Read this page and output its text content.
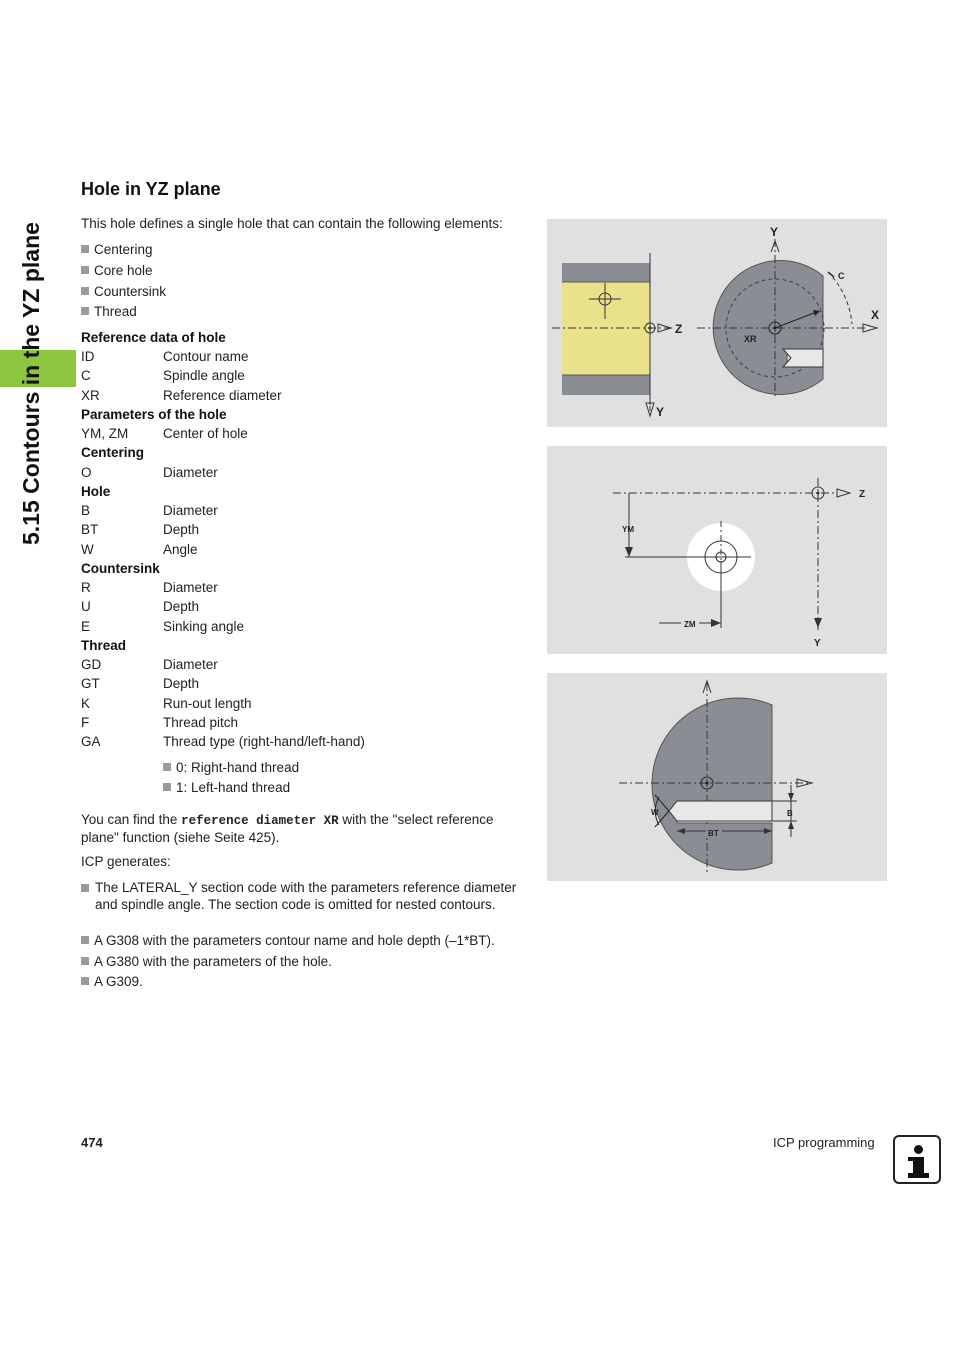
5.15 Contours in the YZ plane
Hole in YZ plane
This hole defines a single hole that can contain the following elements:
Centering
Core hole
Countersink
Thread
Reference data of hole
ID	Contour name
C	Spindle angle
XR	Reference diameter
Parameters of the hole
YM, ZM	Center of hole
Centering
O	Diameter
Hole
B	Diameter
BT	Depth
W	Angle
Countersink
R	Diameter
U	Depth
E	Sinking angle
Thread
GD	Diameter
GT	Depth
K	Run-out length
F	Thread pitch
GA	Thread type (right-hand/left-hand)
0: Right-hand thread
1: Left-hand thread
You can find the reference diameter XR with the "select reference plane" function (siehe Seite 425).
ICP generates:
The LATERAL_Y section code with the parameters reference diameter and spindle angle. The section code is omitted for nested contours.
A G308 with the parameters contour name and hole depth (–1*BT).
A G380 with the parameters of the hole.
A G309.
Z
Y
XR
Y
X
C
Z
Y
YM
ZM
BT
B
W
474	ICP programming
